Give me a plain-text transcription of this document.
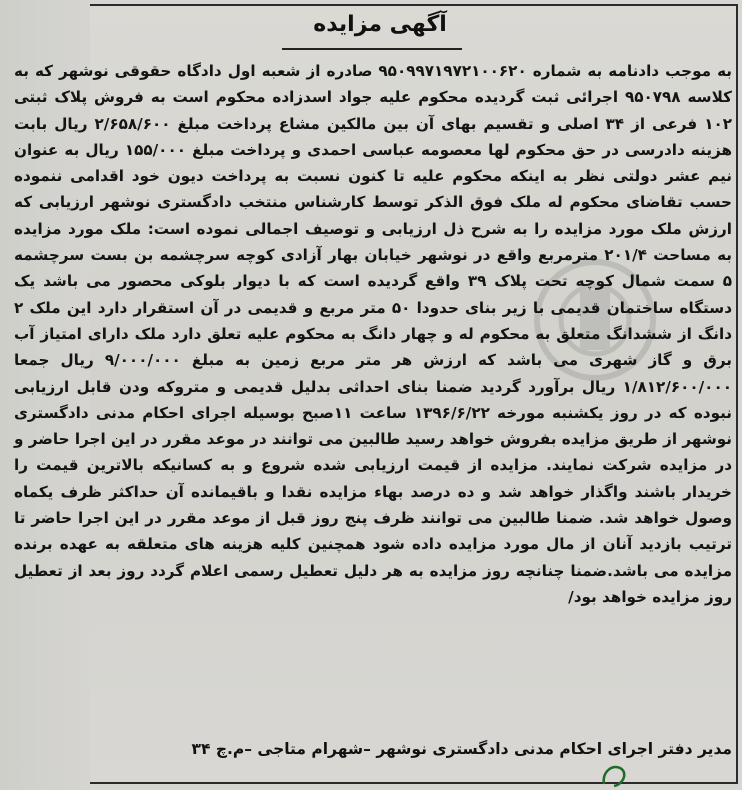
آگهی مزایده

به موجب دادنامه به شماره ۹۵۰۹۹۷۱۹۷۲۱۰۰۶۲۰ صادره از شعبه اول دادگاه حقوقی نوشهر که به کلاسه ۹۵۰۷۹۸ اجرائی ثبت گردیده محکوم علیه جواد اسدزاده محکوم است به فروش پلاک ثبتی ۱۰۲ فرعی از ۳۴ اصلی و تقسیم بهای آن بین مالکین مشاع پرداخت مبلغ ۲/۶۵۸/۶۰۰ ریال بابت هزینه دادرسی در حق محکوم لها معصومه عباسی احمدی و پرداخت مبلغ ۱۵۵/۰۰۰ ریال به عنوان نیم عشر دولتی نظر به اینکه محکوم علیه تا کنون نسبت به پرداخت دیون خود اقدامی ننموده حسب تقاضای محکوم له ملک فوق الذکر توسط کارشناس منتخب دادگستری نوشهر ارزیابی که ارزش ملک مورد مزایده را به شرح ذل ارزیابی و توصیف اجمالی نموده است: ملک مورد مزایده به مساحت ۲۰۱/۴ مترمربع واقع در نوشهر خیابان بهار آزادی کوچه سرچشمه بن بست سرچشمه ۵ سمت شمال کوچه تحت پلاک ۳۹ واقع گردیده است که با دیوار بلوکی محصور می باشد یک دستگاه ساختمان قدیمی با زیر بنای حدودا ۵۰ متر مربع و قدیمی در آن استقرار دارد این ملک ۲ دانگ از ششدانگ متعلق به محکوم له و چهار دانگ به محکوم علیه تعلق دارد ملک دارای امتیاز آب برق و گاز شهری می باشد که ارزش هر متر مربع زمین به مبلغ ۹/۰۰۰/۰۰۰ ریال جمعا ۱/۸۱۲/۶۰۰/۰۰۰ ریال برآورد گردید ضمنا بنای احداثی بدلیل قدیمی و متروکه ودن قابل ارزیابی نبوده که در روز یکشنبه مورخه ۱۳۹۶/۶/۲۲ ساعت ۱۱صبح بوسیله اجرای احکام مدنی دادگستری نوشهر از طریق مزایده بفروش خواهد رسید طالبین می توانند در موعد مقرر در این اجرا حاضر و در مزایده شرکت نمایند. مزایده از قیمت ارزیابی شده شروع و به کسانیکه بالاترین قیمت را خریدار باشند واگذار خواهد شد و ده درصد بهاء مزایده نقدا و باقیمانده آن حداکثر ظرف یکماه وصول خواهد شد. ضمنا طالبین می توانند ظرف پنج روز قبل از موعد مقرر در این اجرا حاضر تا ترتیب بازدید آنان از مال مورد مزایده داده شود همچنین کلیه هزینه های متعلقه به عهده برنده مزایده می باشد.ضمنا چنانچه روز مزایده به هر دلیل تعطیل رسمی اعلام گردد روز بعد از تعطیل روز مزایده خواهد بود/

مدیر دفتر اجرای احکام مدنی دادگستری نوشهر –شهرام متاجی –م.چ ۳۴
